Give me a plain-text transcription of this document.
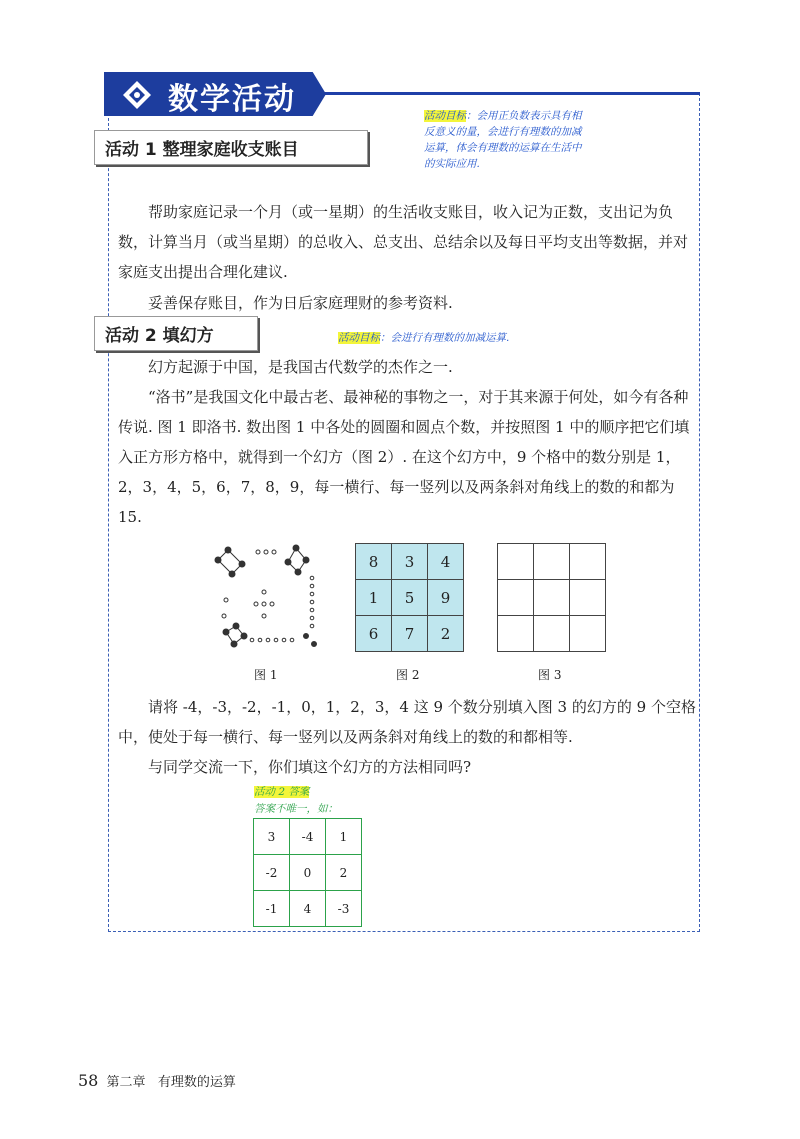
数学活动
活动 1 整理家庭收支账目
活动目标：会用正负数表示具有相
反意义的量，会进行有理数的加减
运算，体会有理数的运算在生活中
的实际应用.
帮助家庭记录一个月（或一星期）的生活收支账目，收入记为正数，支出记为负数，计算当月（或当星期）的总收入、总支出、总结余以及每日平均支出等数据，并对家庭支出提出合理化建议.
妥善保存账目，作为日后家庭理财的参考资料.
活动 2 填幻方	活动目标：会进行有理数的加减运算.
幻方起源于中国，是我国古代数学的杰作之一.
“洛书”是我国文化中最古老、最神秘的事物之一，对于其来源于何处，如今有各种传说. 图 1 即洛书. 数出图 1 中各处的圆圈和圆点个数，并按照图 1 中的顺序把它们填入正方形方格中，就得到一个幻方（图 2）. 在这个幻方中，9 个格中的数分别是 1，2，3，4，5，6，7，8，9，每一横行、每一竖列以及两条斜对角线上的数的和都为 15.
8	3	4
1	5	9
6	7	2

图 1	图 2	图 3
请将 -4，-3，-2，-1，0，1，2，3，4 这 9 个数分别填入图 3 的幻方的 9 个空格中，使处于每一横行、每一竖列以及两条斜对角线上的数的和都相等.
与同学交流一下，你们填这个幻方的方法相同吗?
活动 2 答案
答案不唯一，如：
3	-4	1
-2	0	2
-1	4	-3
58 第二章 有理数的运算
